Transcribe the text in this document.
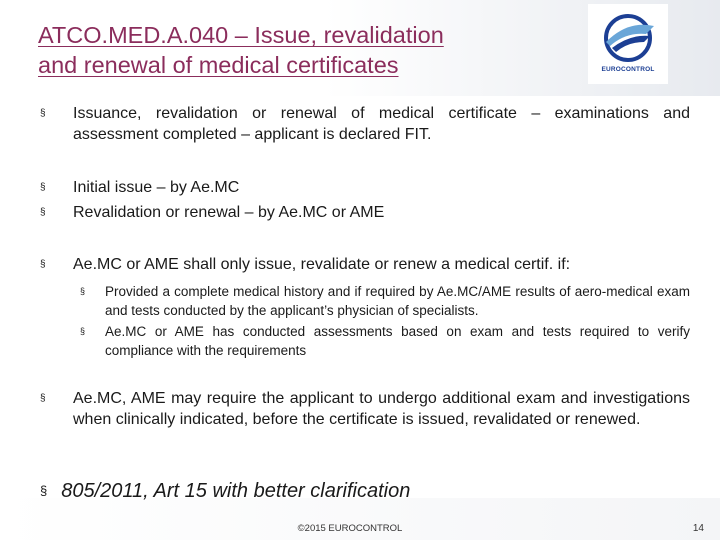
ATCO.MED.A.040 – Issue, revalidation
and renewal of medical certificates	EUROCONTROL
§ Issuance, revalidation or renewal of medical certificate – examinations and assessment completed – applicant is declared FIT.
§ Initial issue – by Ae.MC
§ Revalidation or renewal – by Ae.MC or AME
§ Ae.MC or AME shall only issue, revalidate or renew a medical certif. if:
§ Provided a complete medical history and if required by Ae.MC/AME results of aero-medical exam and tests conducted by the applicant’s physician of specialists.
§ Ae.MC or AME has conducted assessments based on exam and tests required to verify compliance with the requirements
§ Ae.MC, AME may require the applicant to undergo additional exam and investigations when clinically indicated, before the certificate is issued, revalidated or renewed.
§ 805/2011, Art 15 with better clarification
©2015 EUROCONTROL	14
